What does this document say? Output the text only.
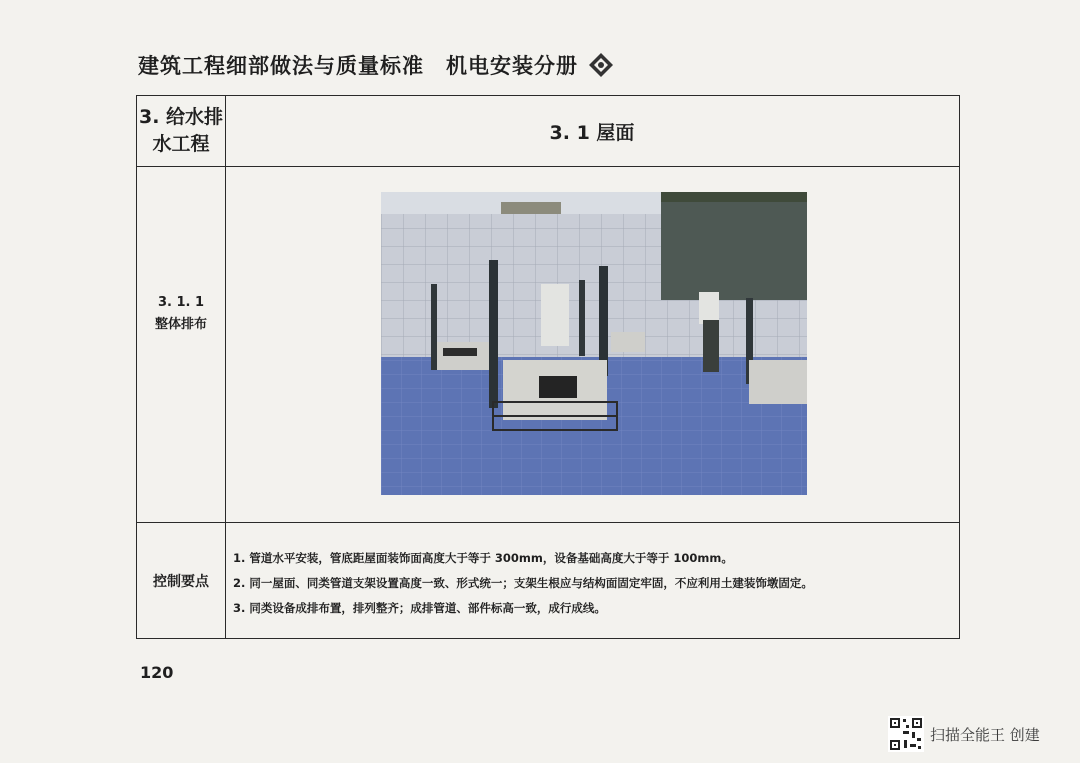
建筑工程细部做法与质量标准 机电安装分册
3. 给水排
水工程
3. 1 屋面
3. 1. 1
整体排布
控制要点
1. 管道水平安装，管底距屋面装饰面高度大于等于 300mm，设备基础高度大于等于 100mm。
2. 同一屋面、同类管道支架设置高度一致、形式统一；支架生根应与结构面固定牢固，不应利用土建装饰墩固定。
3. 同类设备成排布置，排列整齐；成排管道、部件标高一致，成行成线。
120
扫描全能王 创建
